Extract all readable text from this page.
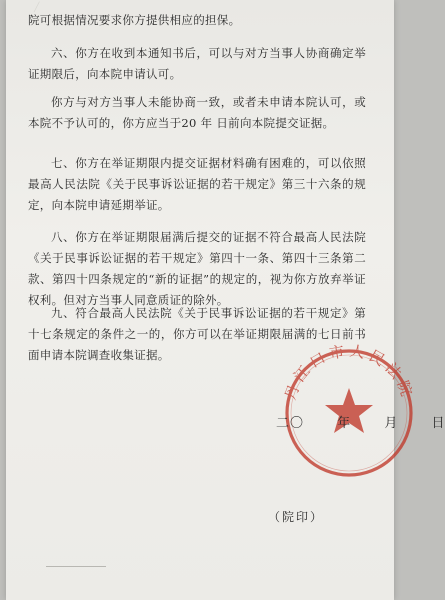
╱
院可根据情况要求你方提供相应的担保。
六、你方在收到本通知书后，可以与对方当事人协商确定举证期限后，向本院申请认可。
你方与对方当事人未能协商一致，或者未申请本院认可，或本院不予认可的，你方应当于20 年 日前向本院提交证据。
七、你方在举证期限内提交证据材料确有困难的，可以依照最高人民法院《关于民事诉讼证据的若干规定》第三十六条的规定，向本院申请延期举证。
八、你方在举证期限届满后提交的证据不符合最高人民法院《关于民事诉讼证据的若干规定》第四十一条、第四十三条第二款、第四十四条规定的“新的证据”的规定的，视为你方放弃举证权利。但对方当事人同意质证的除外。
九、符合最高人民法院《关于民事诉讼证据的若干规定》第十七条规定的条件之一的，你方可以在举证期限届满的七日前书面申请本院调查收集证据。
丹江口市人民法院
二〇	年	月	日
（院印）
